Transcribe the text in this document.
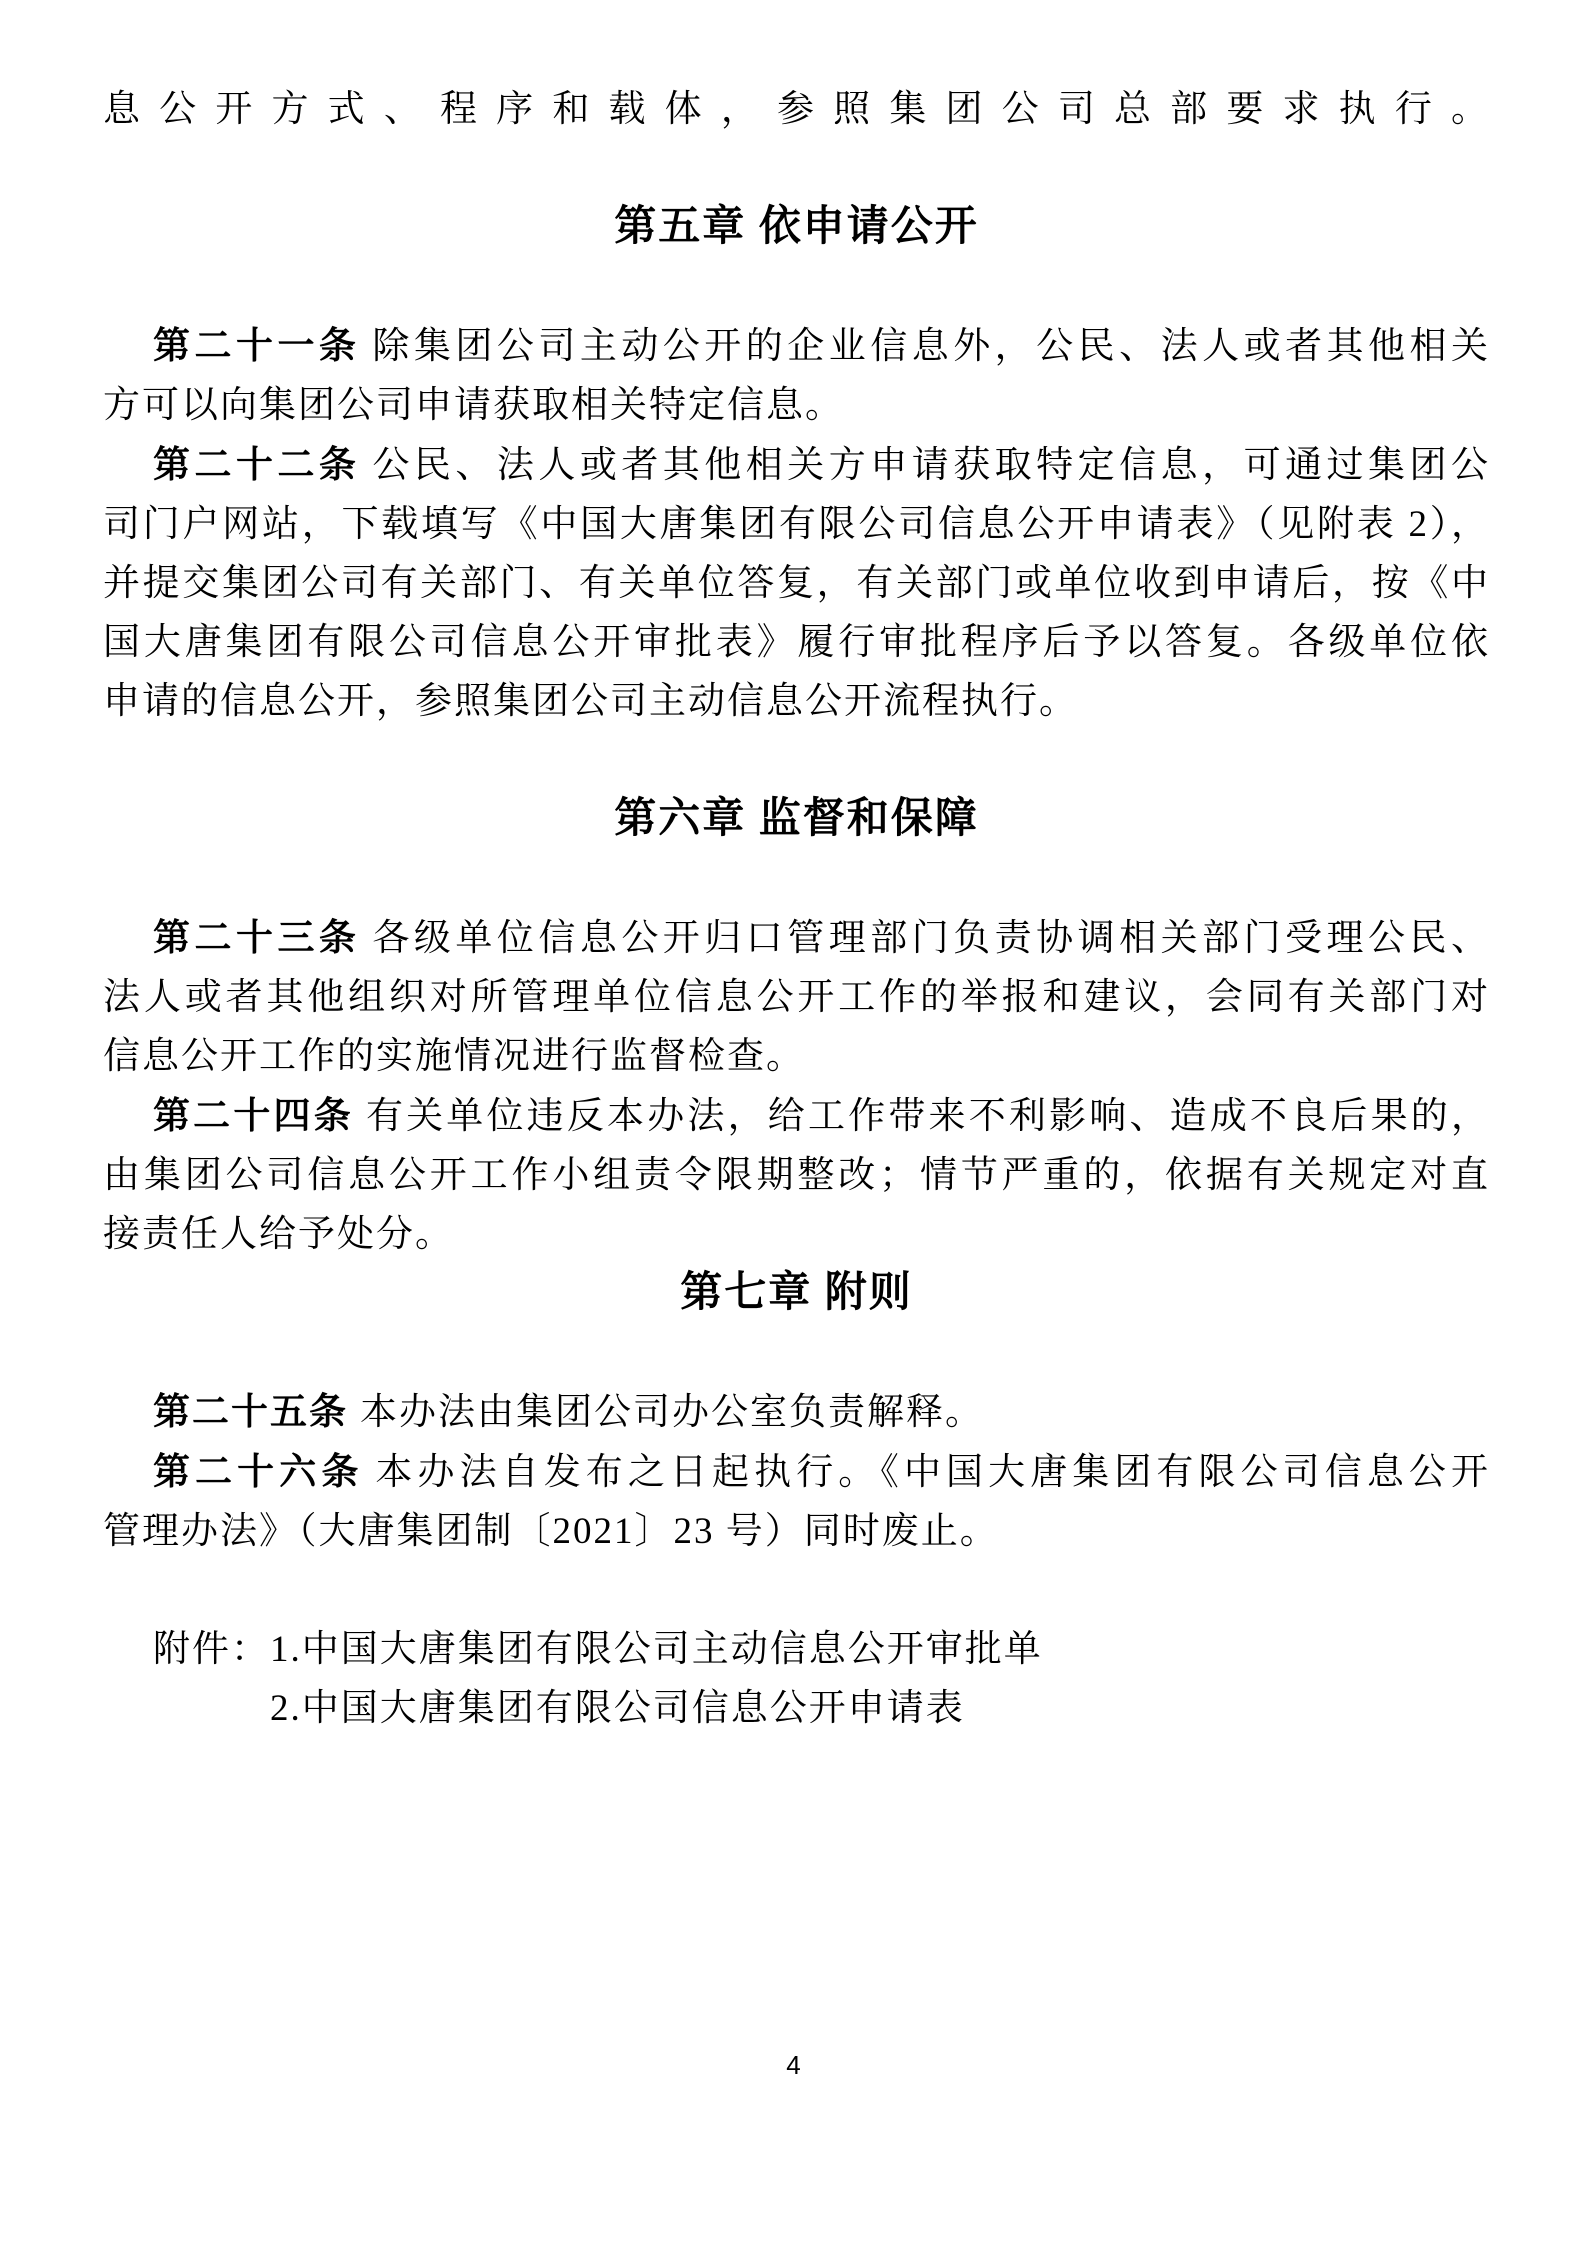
息公开方式、程序和载体，参照集团公司总部要求执行。

第五章 依申请公开

第二十一条 除集团公司主动公开的企业信息外，公民、法人或者其他相关

方可以向集团公司申请获取相关特定信息。

第二十二条 公民、法人或者其他相关方申请获取特定信息，可通过集团公

司门户网站，下载填写《中国大唐集团有限公司信息公开申请表》（见附表 2），

并提交集团公司有关部门、有关单位答复，有关部门或单位收到申请后，按《中

国大唐集团有限公司信息公开审批表》履行审批程序后予以答复。各级单位依

申请的信息公开，参照集团公司主动信息公开流程执行。

第六章 监督和保障

第二十三条 各级单位信息公开归口管理部门负责协调相关部门受理公民、

法人或者其他组织对所管理单位信息公开工作的举报和建议，会同有关部门对

信息公开工作的实施情况进行监督检查。

第二十四条 有关单位违反本办法，给工作带来不利影响、造成不良后果的，

由集团公司信息公开工作小组责令限期整改；情节严重的，依据有关规定对直

接责任人给予处分。

第七章 附则

第二十五条 本办法由集团公司办公室负责解释。

第二十六条 本办法自发布之日起执行。《中国大唐集团有限公司信息公开

管理办法》（大唐集团制〔2021〕23 号）同时废止。

附件： 1.中国大唐集团有限公司主动信息公开审批单
2.中国大唐集团有限公司信息公开申请表
4
